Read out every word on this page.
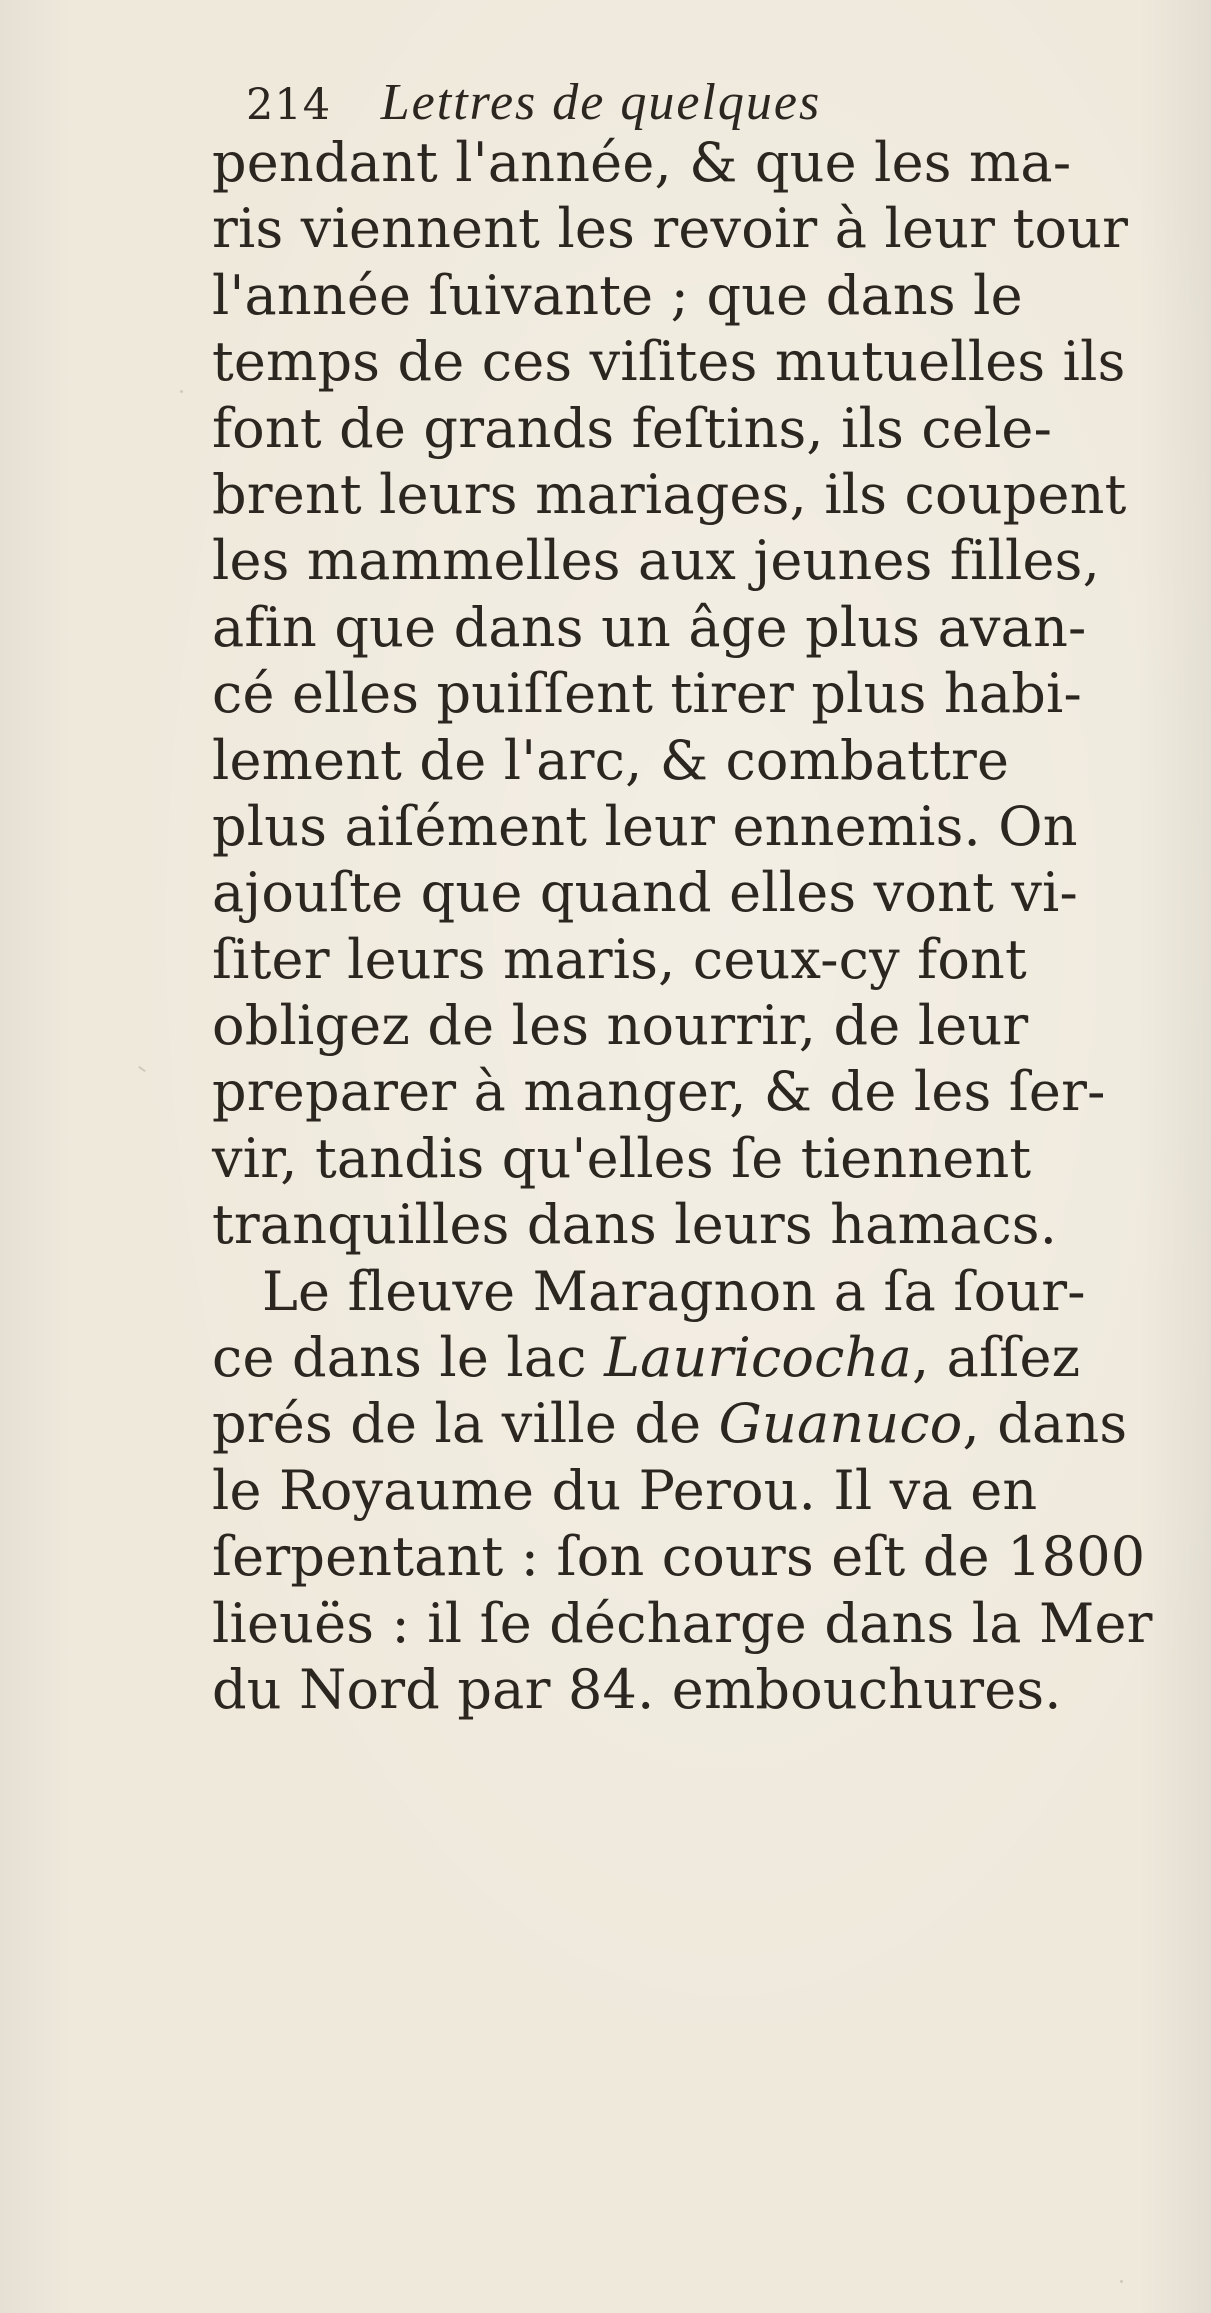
214 Lettres de quelques
pendant l'année, & que les ma-
ris viennent les revoir à leur tour
l'année ſuivante ; que dans le
temps de ces viſites mutuelles ils
font de grands feſtins, ils cele-
brent leurs mariages, ils coupent
les mammelles aux jeunes filles,
afin que dans un âge plus avan-
cé elles puiſſent tirer plus habi-
lement de l'arc, & combattre
plus aiſément leur ennemis. On
ajouſte que quand elles vont vi-
ſiter leurs maris, ceux-cy font
obligez de les nourrir, de leur
preparer à manger, & de les ſer-
vir, tandis qu'elles ſe tiennent
tranquilles dans leurs hamacs.
Le fleuve Maragnon a ſa ſour-
ce dans le lac Lauricocha, aſſez
prés de la ville de Guanuco, dans
le Royaume du Perou. Il va en
ſerpentant : ſon cours eſt de 1800
lieuës : il ſe décharge dans la Mer
du Nord par 84. embouchures.
